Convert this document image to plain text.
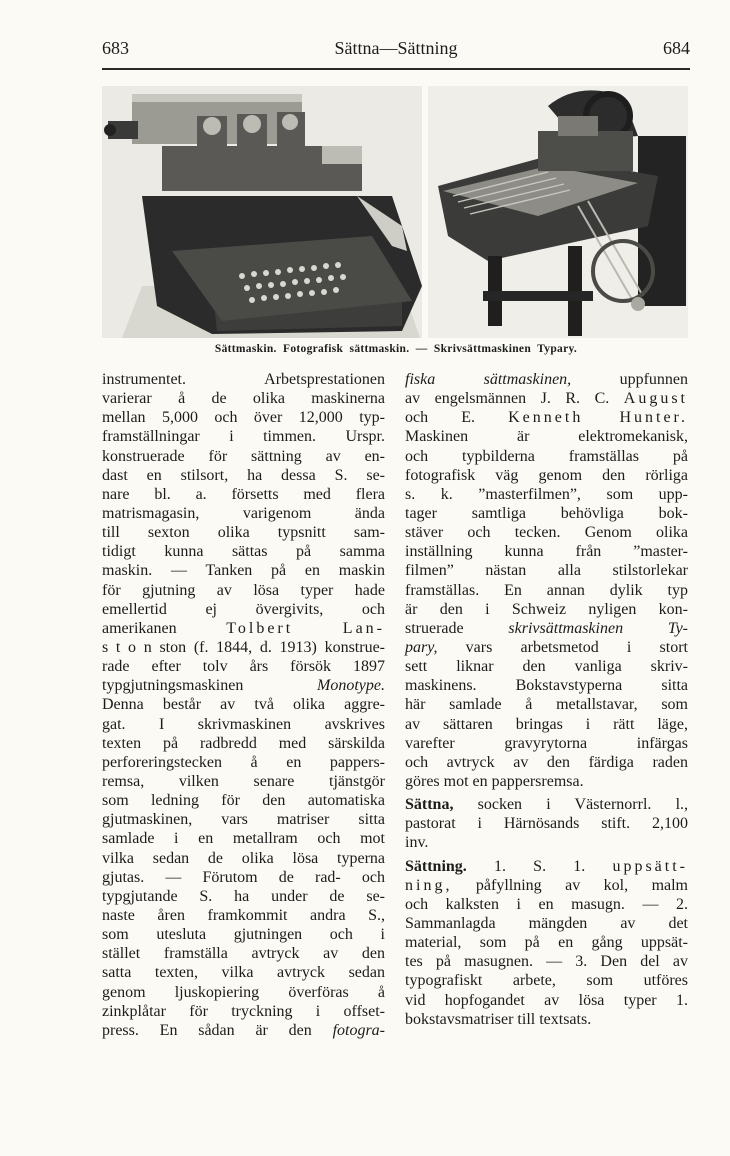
683	Sättna—Sättning	684
Sättmaskin.  Fotografisk  sättmaskin.  —  Skrivsättmaskinen  Typary.
instrumentet. Arbetsprestationen
varierar å de olika maskinerna
mellan 5,000 och över 12,000 typ-
framställningar i timmen. Urspr.
konstruerade för sättning av en-
dast en stilsort, ha dessa S. se-
nare bl. a. försetts med flera
matrismagasin, varigenom ända
till sexton olika typsnitt sam-
tidigt kunna sättas på samma
maskin. — Tanken på en maskin
för gjutning av lösa typer hade
emellertid ej övergivits, och
amerikanen	Tolbert	Lan-
s t o n ston (f. 1844, d. 1913) konstrue-
rade efter tolv års försök 1897
typgjutningsmaskinen	Monotype.
Denna består av två olika aggre-
gat. I skrivmaskinen avskrives
texten på radbredd med särskilda
perforeringstecken å en pappers-
remsa, vilken senare tjänstgör
som ledning för den automatiska
gjutmaskinen, vars matriser sitta
samlade i en metallram och mot
vilka sedan de olika lösa typerna
gjutas. — Förutom de rad- och
typgjutande S. ha under de se-
naste åren framkommit andra S.,
som utesluta gjutningen och i
stället framställa avtryck av den
satta texten, vilka avtryck sedan
genom ljuskopiering överföras å
zinkplåtar för tryckning i offset-
press. En sådan är den fotogra-
fiska sättmaskinen,	uppfunnen
av engelsmännen J. R. C. August
och E. Kenneth Hunter.
Maskinen är elektromekanisk,
och typbilderna framställas på
fotografisk väg genom den rörliga
s. k. ”masterfilmen”, som upp-
tager samtliga behövliga bok-
stäver och tecken. Genom olika
inställning kunna från ”master-
filmen” nästan alla stilstorlekar
framställas. En annan dylik typ
är den i Schweiz nyligen kon-
struerade	skrivsättmaskinen Ty-
pary, vars arbetsmetod i stort
sett liknar den vanliga skriv-
maskinens. Bokstavstyperna sitta
här samlade å metallstavar, som
av sättaren bringas i rätt läge,
varefter gravyrytorna infärgas
och avtryck av den färdiga raden
göres mot en pappersremsa.
Sättna, socken i Västernorrl. l.,
pastorat i Härnösands stift. 2,100
inv.
Sättning. 1. S. 1. uppsätt-
ning, påfyllning av kol, malm
och kalksten i en masugn. — 2.
Sammanlagda mängden av det
material, som på en gång uppsät-
tes på masugnen. — 3. Den del av
typografiskt arbete, som utföres
vid hopfogandet av lösa typer 1.
bokstavsmatriser till textsats.
